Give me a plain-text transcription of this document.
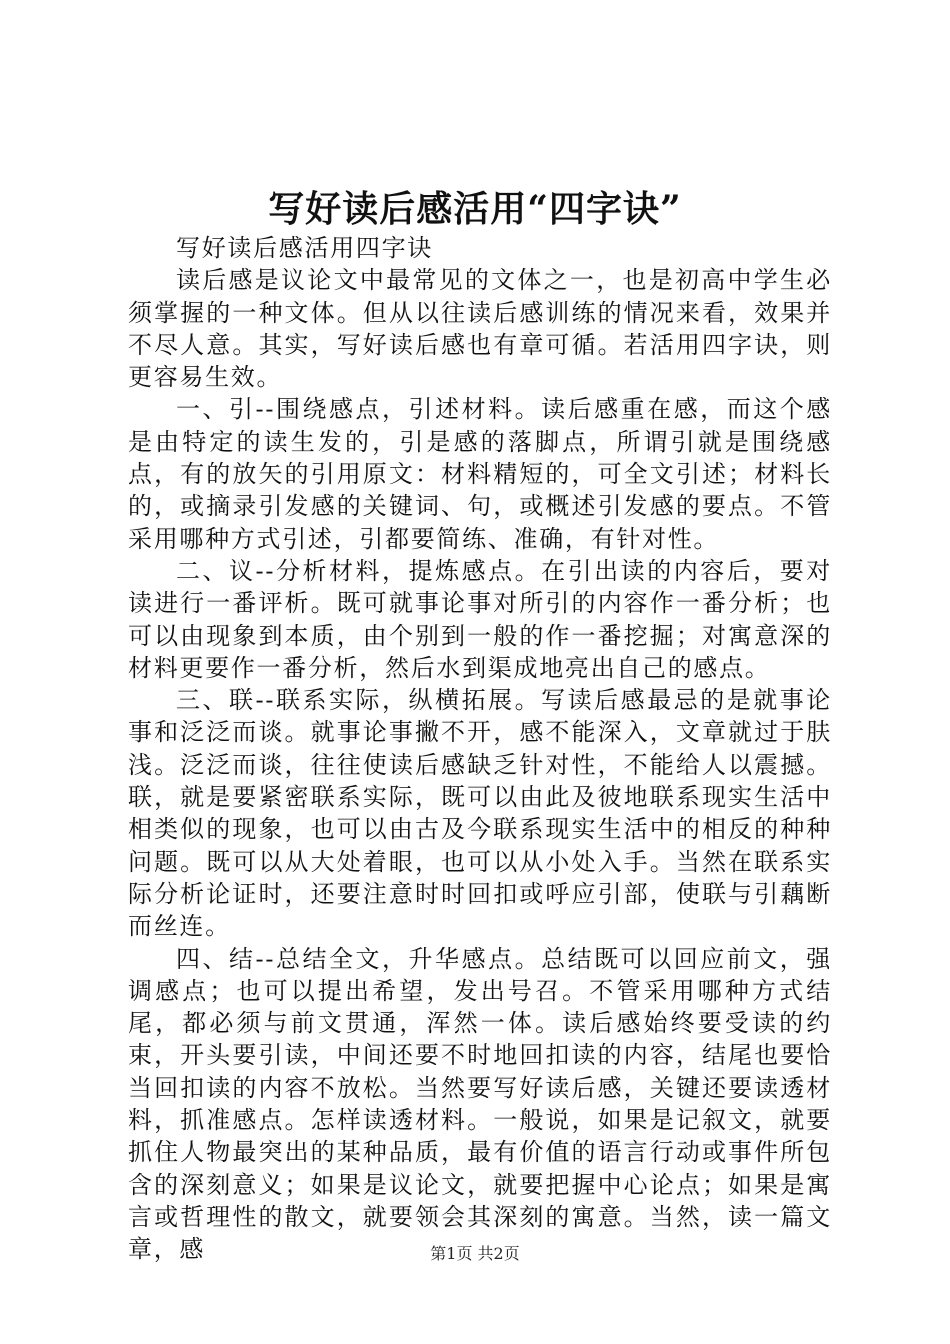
写好读后感活用“四字诀”

写好读后感活用四字诀

读后感是议论文中最常见的文体之一，也是初高中学生必须掌握的一种文体。但从以往读后感训练的情况来看，效果并不尽人意。其实，写好读后感也有章可循。若活用四字诀，则更容易生效。

一、引--围绕感点，引述材料。读后感重在感，而这个感是由特定的读生发的，引是感的落脚点，所谓引就是围绕感点，有的放矢的引用原文：材料精短的，可全文引述；材料长的，或摘录引发感的关键词、句，或概述引发感的要点。不管采用哪种方式引述，引都要简练、准确，有针对性。

二、议--分析材料，提炼感点。在引出读的内容后，要对读进行一番评析。既可就事论事对所引的内容作一番分析；也可以由现象到本质，由个别到一般的作一番挖掘；对寓意深的材料更要作一番分析，然后水到渠成地亮出自己的感点。

三、联--联系实际，纵横拓展。写读后感最忌的是就事论事和泛泛而谈。就事论事撇不开，感不能深入，文章就过于肤浅。泛泛而谈，往往使读后感缺乏针对性，不能给人以震撼。联，就是要紧密联系实际，既可以由此及彼地联系现实生活中相类似的现象，也可以由古及今联系现实生活中的相反的种种问题。既可以从大处着眼，也可以从小处入手。当然在联系实际分析论证时，还要注意时时回扣或呼应引部，使联与引藕断而丝连。

四、结--总结全文，升华感点。总结既可以回应前文，强调感点；也可以提出希望，发出号召。不管采用哪种方式结尾，都必须与前文贯通，浑然一体。读后感始终要受读的约束，开头要引读，中间还要不时地回扣读的内容，结尾也要恰当回扣读的内容不放松。当然要写好读后感，关键还要读透材料，抓准感点。怎样读透材料。一般说，如果是记叙文，就要抓住人物最突出的某种品质，最有价值的语言行动或事件所包含的深刻意义；如果是议论文，就要把握中心论点；如果是寓言或哲理性的散文，就要领会其深刻的寓意。当然，读一篇文章，感	第1页 共2页
